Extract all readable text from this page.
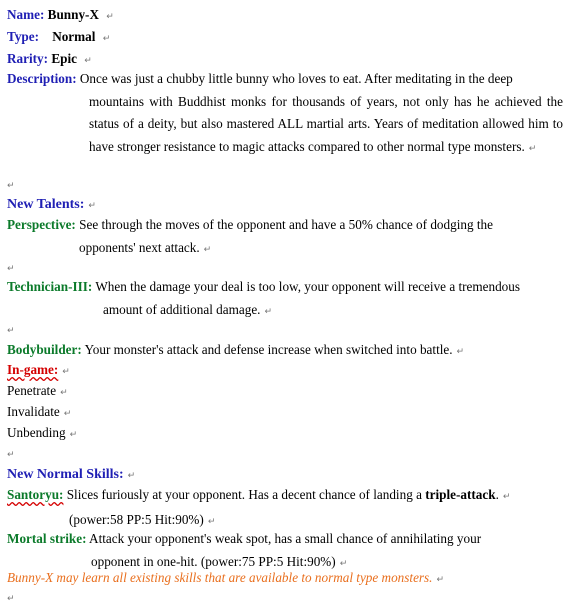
Name: Bunny-X ↵
Type: Normal ↵
Rarity: Epic ↵
Description: Once was just a chubby little bunny who loves to eat. After meditating in the deep
mountains with Buddhist monks for thousands of years, not only has he achieved the status of a deity, but also mastered ALL martial arts. Years of meditation allowed him to have stronger resistance to magic attacks compared to other normal type monsters. ↵
↵
New Talents: ↵
Perspective: See through the moves of the opponent and have a 50% chance of dodging the
opponents' next attack. ↵
↵
Technician-III: When the damage your deal is too low, your opponent will receive a tremendous
amount of additional damage. ↵
↵
Bodybuilder: Your monster's attack and defense increase when switched into battle. ↵
In-game: ↵
Penetrate ↵
Invalidate ↵
Unbending ↵
↵
New Normal Skills: ↵
Santoryu: Slices furiously at your opponent. Has a decent chance of landing a triple-attack. ↵
(power:58 PP:5 Hit:90%) ↵
Mortal strike: Attack your opponent's weak spot, has a small chance of annihilating your
opponent in one-hit. (power:75 PP:5 Hit:90%) ↵
Bunny-X may learn all existing skills that are available to normal type monsters. ↵
↵
